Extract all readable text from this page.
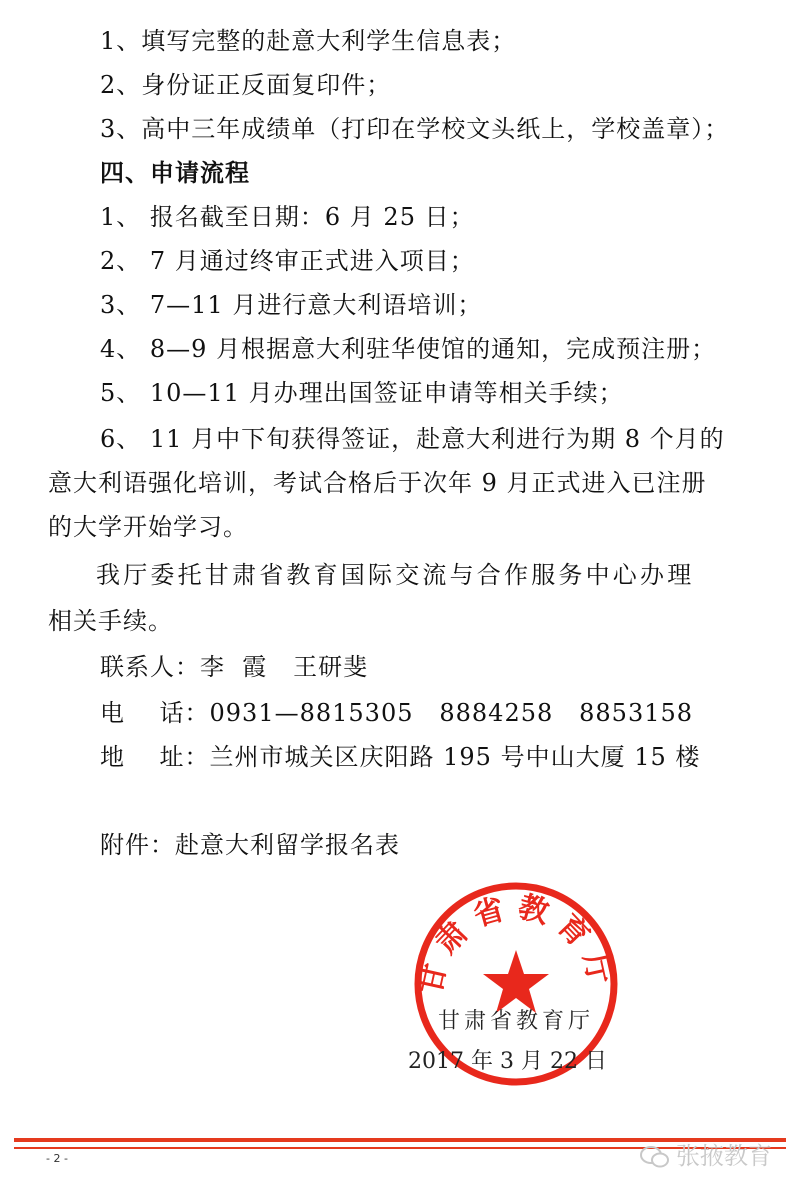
1、填写完整的赴意大利学生信息表；
2、身份证正反面复印件；
3、高中三年成绩单（打印在学校文头纸上，学校盖章）；
四、申请流程
1、 报名截至日期：6 月 25 日；
2、 7 月通过终审正式进入项目；
3、 7—11 月进行意大利语培训；
4、 8—9 月根据意大利驻华使馆的通知，完成预注册；
5、 10—11 月办理出国签证申请等相关手续；
6、 11 月中下旬获得签证，赴意大利进行为期 8 个月的
意大利语强化培训，考试合格后于次年 9 月正式进入已注册
的大学开始学习。
我厅委托甘肃省教育国际交流与合作服务中心办理
相关手续。
联系人：李  霞   王研斐
电    话：0931—8815305   8884258   8853158
地    址：兰州市城关区庆阳路 195 号中山大厦 15 楼
附件：赴意大利留学报名表
甘肃省教育厅
甘肃省教育厅
2017 年 3 月 22 日
- 2 -	张掖教育
